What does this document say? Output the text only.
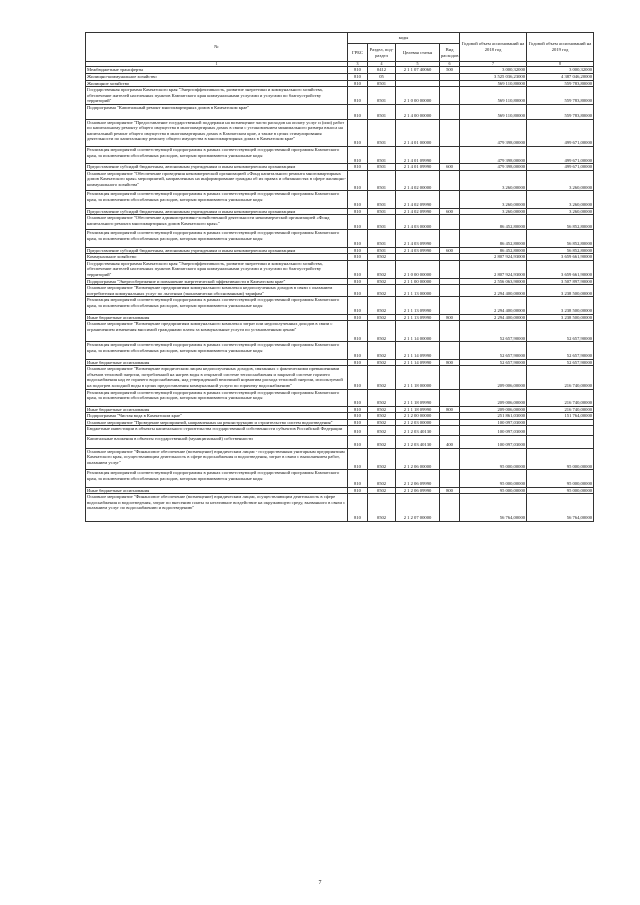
№	коды				Годовой объем ассигнований на 2018 год	Годовой объем ассигнований на 2019 год
	ГРБС	Раздел, под-раздел	Целевая статья	Вид расходов		
1	3	4	5	6	7	8
Межбюджетные трансферты	810	0412	2 1 1 07 40060	500	3 000,32000	3 000,32000
Жилищно-коммунальное хозяйство	810	05			3 525 036,23000	4 387 046,20000
Жилищное хозяйство	810	0501			569 110,80000	559 783,80000
Государственная программа Камчатского края "Энергоэффективность, развитие энергетики и коммунального хозяйства, обеспечение жителей населенных пунктов Камчатского края коммунальными услугами и услугами по благоустройству территорий"	810	0501	2 1 0 00 00000		569 110,80000	559 783,80000
Подпрограмма "Капитальный ремонт многоквартирных домов в Камчатском крае"	810	0501	2 1 4 00 00000		569 110,80000	559 783,80000
Основное мероприятие "Предоставление государственной поддержки на возмещение части расходов на оплату услуг и (или) работ по капитальному ремонту общего имущества в многоквартирных домах в связи с установлением минимального размера взноса на капитальный ремонт общего имущества в многоквартирных домах в Камчатском крае, а также в целях стимулирования деятельности по капитальному ремонту общего имущества в многоквартирных домах в Камчатском крае"	810	0501	2 1 4 01 00000		479 398,00000	499 671,00000
Реализация мероприятий соответствующей подпрограммы в рамках соответствующей государственной программы Камчатского края, за исключением обособленных расходов, которым присваиваются уникальные коды	810	0501	2 1 4 01 09990		479 398,00000	499 671,00000
Предоставление субсидий бюджетным, автономным учреждениям и иным некоммерческим организациям	810	0501	2 1 4 01 09990	600	479 398,00000	499 671,00000
Основное мероприятие "Обеспечение проведения некоммерческой организацией «Фонд капитального ремонта многоквартирных домов Камчатского края» мероприятий, направленных на информирование граждан об их правах и обязанностях в сфере жилищно-коммунального хозяйства"	810	0501	2 1 4 02 00000		3 260,00000	3 260,00000
Реализация мероприятий соответствующей подпрограммы в рамках соответствующей государственной программы Камчатского края, за исключением обособленных расходов, которым присваиваются уникальные коды	810	0501	2 1 4 02 09990		3 260,00000	3 260,00000
Предоставление субсидий бюджетным, автономным учреждениям и иным некоммерческим организациям	810	0501	2 1 4 02 09990	600	3 260,00000	3 260,00000
Основное мероприятие "Обеспечение административно-хозяйственной деятельности некоммерческой организацией «Фонд капитального ремонта многоквартирных домов Камчатского края»"	810	0501	2 1 4 03 00000		86 452,80000	56 852,80000
Реализация мероприятий соответствующей подпрограммы в рамках соответствующей государственной программы Камчатского края, за исключением обособленных расходов, которым присваиваются уникальные коды	810	0501	2 1 4 03 09990		86 452,80000	56 852,80000
Предоставление субсидий бюджетным, автономным учреждениям и иным некоммерческим организациям	810	0501	2 1 4 03 09990	600	86 452,80000	56 852,80000
Коммунальное хозяйство	810	0502			2 807 924,93000	3 659 661,90000
Государственная программа Камчатского края "Энергоэффективность, развитие энергетики и коммунального хозяйства, обеспечение жителей населенных пунктов Камчатского края коммунальными услугами и услугами по благоустройству территорий"	810	0502	2 1 0 00 00000		2 807 924,93000	3 659 661,90000
Подпрограмма "Энергосбережение и повышение энергетической эффективности в Камчатском крае"	810	0502	2 1 1 00 00000		2 556 063,90000	3 507 897,90000
Основное мероприятие "Возмещение предприятиям коммунального комплекса недополученных доходов в связи с оказанием потребителям коммунальных услуг по льготным (экономически обоснованным) тарифам"	810	0502	2 1 1 13 00000		2 294 400,00000	3 238 500,00000
Реализация мероприятий соответствующей подпрограммы в рамках соответствующей государственной программы Камчатского края, за исключением обособленных расходов, которым присваиваются уникальные коды	810	0502	2 1 1 13 09990		2 294 400,00000	3 238 500,00000
Иные бюджетные ассигнования	810	0502	2 1 1 13 09990	800	2 294 400,00000	3 238 500,00000
Основное мероприятие "Возмещение предприятиям коммунального комплекса затрат или недополученных доходов в связи с ограничением изменения вносимой гражданами платы за коммунальные услуги по установленным ценам"	810	0502	2 1 1 14 00000		52 657,90000	52 657,90000
Реализация мероприятий соответствующей подпрограммы в рамках соответствующей государственной программы Камчатского края, за исключением обособленных расходов, которым присваиваются уникальные коды	810	0502	2 1 1 14 09990		52 657,90000	52 657,90000
Иные бюджетные ассигнования	810	0502	2 1 1 14 09990	800	52 657,90000	52 657,90000
Основное мероприятие "Возмещение юридическим лицам недополученных доходов, связанных с фактическими превышениями объемов тепловой энергии, потребленной на нагрев воды в открытой системе теплоснабжения и закрытой системе горячего водоснабжения над ее горячего водоснабжения, над утвержденной величиной норматива расхода тепловой энергии, используемой на подогрев холодной воды в целях предоставления коммунальной услуги по горячему водоснабжению"	810	0502	2 1 1 18 00000		209 006,00000	216 740,00000
Реализация мероприятий соответствующей подпрограммы в рамках соответствующей государственной программы Камчатского края, за исключением обособленных расходов, которым присваиваются уникальные коды	810	0502	2 1 1 18 09990		209 006,00000	216 740,00000
Иные бюджетные ассигнования	810	0502	2 1 1 18 09990	800	209 006,00000	216 740,00000
Подпрограмма "Чистая вода в Камчатском крае"	810	0502	2 1 2 00 00000		251 861,03000	151 764,00000
Основное мероприятие "Проведение мероприятий, направленных на реконструкцию и строительство систем водоотведения"	810	0502	2 1 2 03 00000		100 097,03000	
Бюджетные инвестиции в объекты капитального строительства государственной собственности субъектов Российской Федерации	810	0502	2 1 2 03 40130		100 097,03000	
Капитальные вложения в объекты государственной (муниципальной) собственности	810	0502	2 1 2 03 40130	400	100 097,03000	
Основное мероприятие "Финансовое обеспечение (возмещение) юридическим лицам - государственным унитарным предприятиям Камчатского края, осуществляющим деятельность в сфере водоснабжения и водоотведения, затрат в связи с выполнением работ, оказанием услуг"	810	0502	2 1 2 06 00000		95 000,00000	95 000,00000
Реализация мероприятий соответствующей подпрограммы в рамках соответствующей государственной программы Камчатского края, за исключением обособленных расходов, которым присваиваются уникальные коды	810	0502	2 1 2 06 09990		95 000,00000	95 000,00000
Иные бюджетные ассигнования	810	0502	2 1 2 06 09990	800	95 000,00000	95 000,00000
Основное мероприятие "Финансовое обеспечение (возмещение) юридическим лицам, осуществляющим деятельность в сфере водоснабжения и водоотведения, затрат по внесению платы за негативное воздействие на окружающую среду, вызванного в связи с оказанием услуг по водоснабжению и водоотведению"	810	0502	2 1 2 07 00000		56 764,00000	56 764,00000
7
